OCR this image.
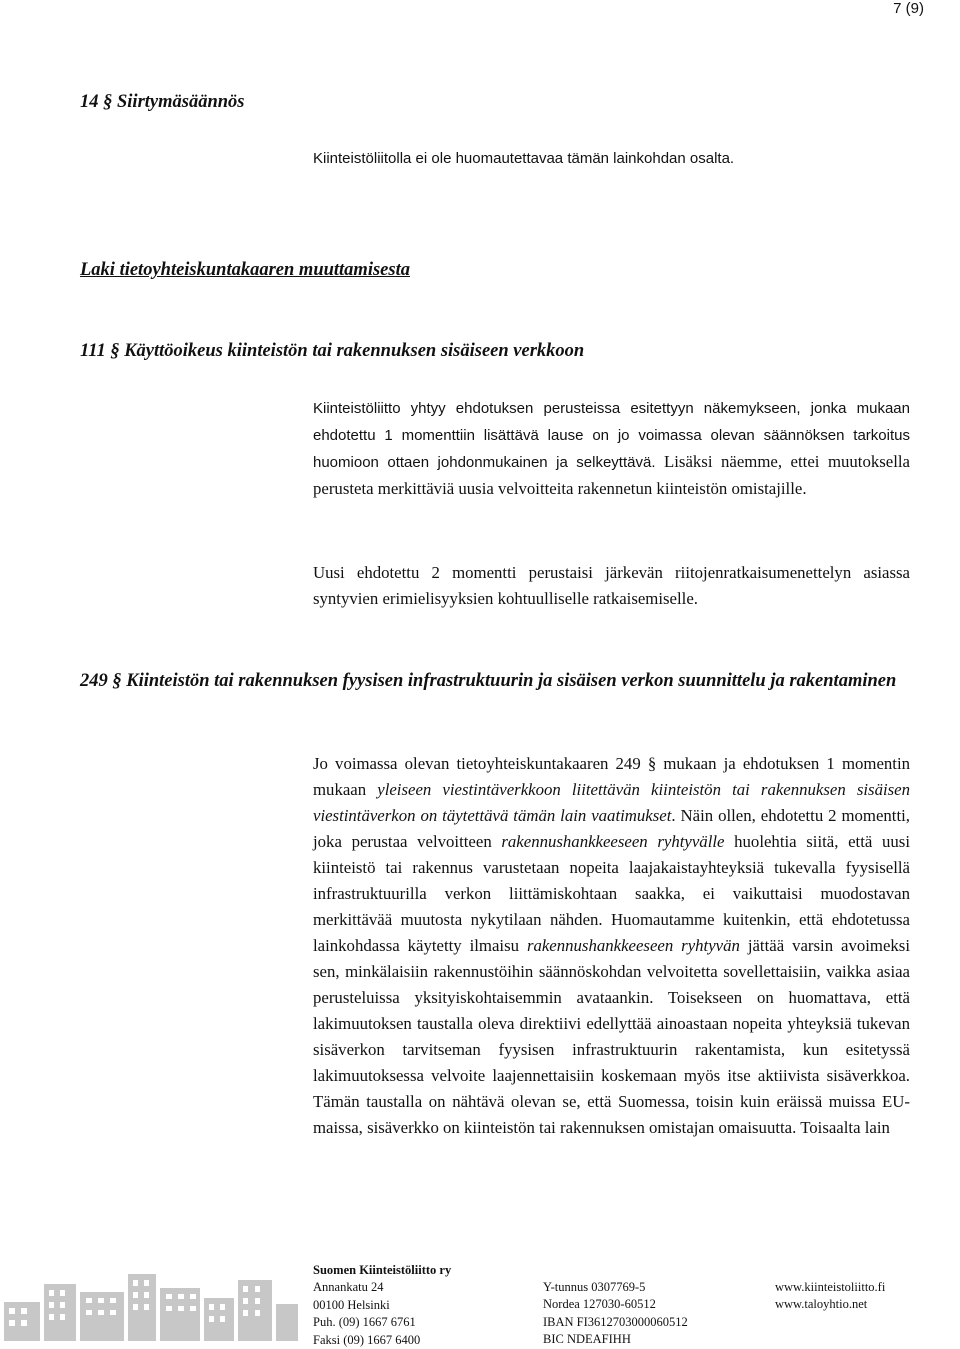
7 (9)
14 § Siirtymäsäännös

Kiinteistöliitolla ei ole huomautettavaa tämän lainkohdan osalta.

Laki tietoyhteiskuntakaaren muuttamisesta
111 § Käyttöoikeus kiinteistön tai rakennuksen sisäiseen verkkoon

Kiinteistöliitto yhtyy ehdotuksen perusteissa esitettyyn näkemykseen, jonka mukaan ehdotettu 1 momenttiin lisättävä lause on jo voimassa olevan säännöksen tarkoitus huomioon ottaen johdonmukainen ja selkeyttävä. Lisäksi näemme, ettei muutoksella perusteta merkittäviä uusia velvoitteita rakennetun kiinteistön omistajille.

Uusi ehdotettu 2 momentti perustaisi järkevän riitojenratkaisumenettelyn asiassa syntyvien erimielisyyksien kohtuulliselle ratkaisemiselle.

249 § Kiinteistön tai rakennuksen fyysisen infrastruktuurin ja sisäisen verkon suunnittelu ja rakentaminen

Jo voimassa olevan tietoyhteiskuntakaaren 249 § mukaan ja ehdotuksen 1 momentin mukaan yleiseen viestintäverkkoon liitettävän kiinteistön tai rakennuksen sisäisen viestintäverkon on täytettävä tämän lain vaatimukset. Näin ollen, ehdotettu 2 momentti, joka perustaa velvoitteen rakennushankkeeseen ryhtyvälle huolehtia siitä, että uusi kiinteistö tai rakennus varustetaan nopeita laajakaistayhteyksiä tukevalla fyysisellä infrastruktuurilla verkon liittämiskohtaan saakka, ei vaikuttaisi muodostavan merkittävää muutosta nykytilaan nähden. Huomautamme kuitenkin, että ehdotetussa lainkohdassa käytetty ilmaisu rakennushankkeeseen ryhtyvän jättää varsin avoimeksi sen, minkälaisiin rakennustöihin säännöskohdan velvoitetta sovellettaisiin, vaikka asiaa perusteluissa yksityiskohtaisemmin avataankin. Toisekseen on huomattava, että lakimuutoksen taustalla oleva direktiivi edellyttää ainoastaan nopeita yhteyksiä tukevan sisäverkon tarvitseman fyysisen infrastruktuurin rakentamista, kun esitetyssä lakimuutoksessa velvoite laajennettaisiin koskemaan myös itse aktiivista sisäverkkoa. Tämän taustalla on nähtävä olevan se, että Suomessa, toisin kuin eräissä muissa EU-maissa, sisäverkko on kiinteistön tai rakennuksen omistajan omaisuutta. Toisaalta lain

Suomen Kiinteistöliitto ry
Annankatu 24
00100 Helsinki
Puh. (09) 1667 6761
Faksi (09) 1667 6400
Y-tunnus 0307769-5
Nordea 127030-60512
IBAN FI3612703000060512
BIC NDEAFIHH
www.kiinteistoliitto.fi
www.taloyhtio.net
